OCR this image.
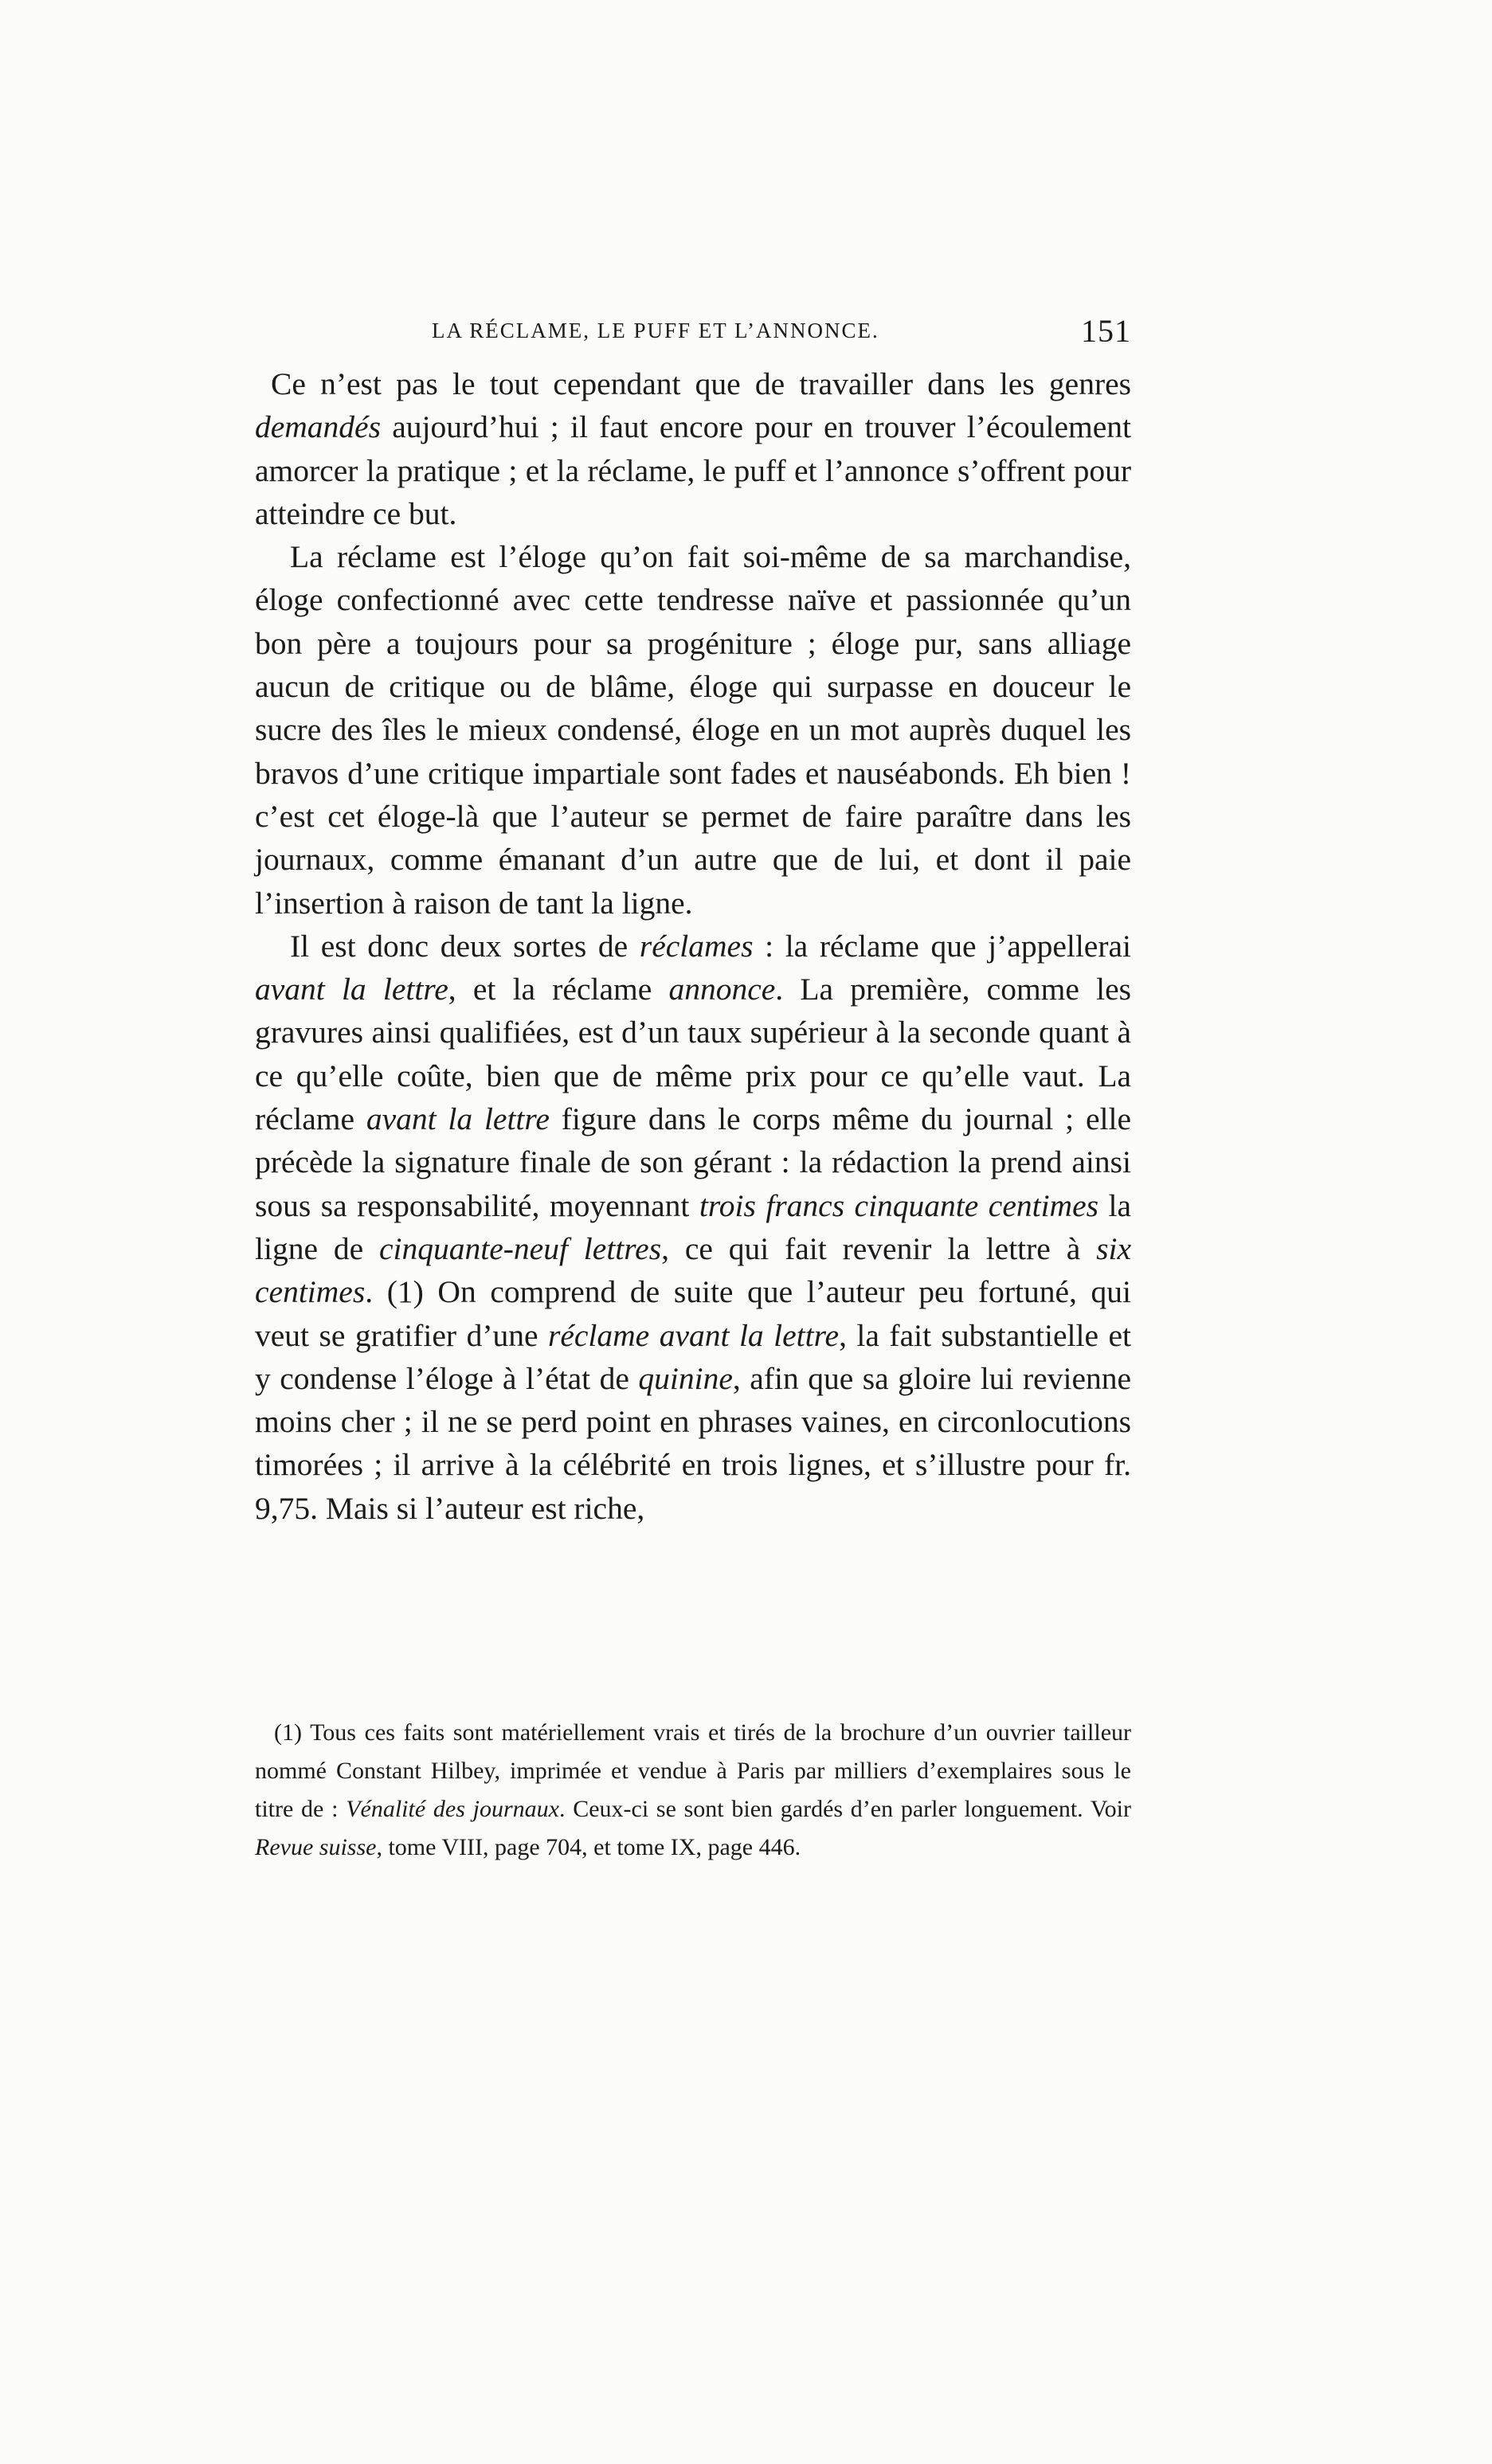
LA RÉCLAME, LE PUFF ET L’ANNONCE.	151

Ce n’est pas le tout cependant que de travailler dans les genres demandés aujourd’hui ; il faut encore pour en trouver l’écoulement amorcer la pratique ; et la réclame, le puff et l’annonce s’offrent pour atteindre ce but.

La réclame est l’éloge qu’on fait soi-même de sa marchandise, éloge confectionné avec cette tendresse naïve et passionnée qu’un bon père a toujours pour sa progéniture ; éloge pur, sans alliage aucun de critique ou de blâme, éloge qui surpasse en douceur le sucre des îles le mieux condensé, éloge en un mot auprès duquel les bravos d’une critique impartiale sont fades et nauséabonds. Eh bien ! c’est cet éloge-là que l’auteur se permet de faire paraître dans les journaux, comme émanant d’un autre que de lui, et dont il paie l’insertion à raison de tant la ligne.

Il est donc deux sortes de réclames : la réclame que j’appellerai avant la lettre, et la réclame annonce. La première, comme les gravures ainsi qualifiées, est d’un taux supérieur à la seconde quant à ce qu’elle coûte, bien que de même prix pour ce qu’elle vaut. La réclame avant la lettre figure dans le corps même du journal ; elle précède la signature finale de son gérant : la rédaction la prend ainsi sous sa responsabilité, moyennant trois francs cinquante centimes la ligne de cinquante-neuf lettres, ce qui fait revenir la lettre à six centimes. (1) On comprend de suite que l’auteur peu fortuné, qui veut se gratifier d’une réclame avant la lettre, la fait substantielle et y condense l’éloge à l’état de quinine, afin que sa gloire lui revienne moins cher ; il ne se perd point en phrases vaines, en circonlocutions timorées ; il arrive à la célébrité en trois lignes, et s’illustre pour fr. 9,75. Mais si l’auteur est riche,

(1) Tous ces faits sont matériellement vrais et tirés de la brochure d’un ouvrier tailleur nommé Constant Hilbey, imprimée et vendue à Paris par milliers d’exemplaires sous le titre de : Vénalité des journaux. Ceux-ci se sont bien gardés d’en parler longuement. Voir Revue suisse, tome VIII, page 704, et tome IX, page 446.
